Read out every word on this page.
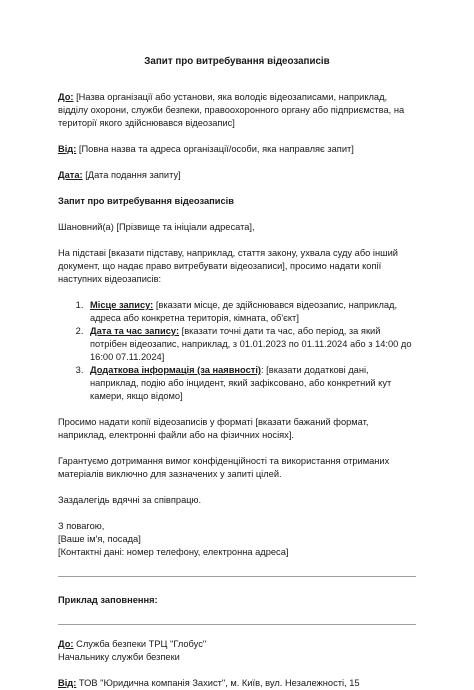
Запит про витребування відеозаписів

До: [Назва організації або установи, яка володіє відеозаписами, наприклад, відділу охорони, служби безпеки, правоохоронного органу або підприємства, на території якого здійснювався відеозапис]

Від: [Повна назва та адреса організації/особи, яка направляє запит]

Дата: [Дата подання запиту]

Запит про витребування відеозаписів

Шановний(а) [Прізвище та ініціали адресата],

На підставі [вказати підставу, наприклад, стаття закону, ухвала суду або інший документ, що надає право витребувати відеозаписи], просимо надати копії наступних відеозаписів:

1. Місце запису: [вказати місце, де здійснювався відеозапис, наприклад, адреса або конкретна територія, кімната, об'єкт]
2. Дата та час запису: [вказати точні дати та час, або період, за який потрібен відеозапис, наприклад, з 01.01.2023 по 01.11.2024 або з 14:00 до 16:00 07.11.2024]
3. Додаткова інформація (за наявності): [вказати додаткові дані, наприклад, подію або інцидент, який зафіксовано, або конкретний кут камери, якщо відомо]

Просимо надати копії відеозаписів у форматі [вказати бажаний формат, наприклад, електронні файли або на фізичних носіях].

Гарантуємо дотримання вимог конфіденційності та використання отриманих матеріалів виключно для зазначених у запиті цілей.

Заздалегідь вдячні за співпрацю.

З повагою,

[Ваше ім'я, посада]

[Контактні дані: номер телефону, електронна адреса]

Приклад заповнення:
До: Служба безпеки ТРЦ "Глобус"
Начальнику служби безпеки

Від: ТОВ "Юридична компанія Захист", м. Київ, вул. Незалежності, 15
